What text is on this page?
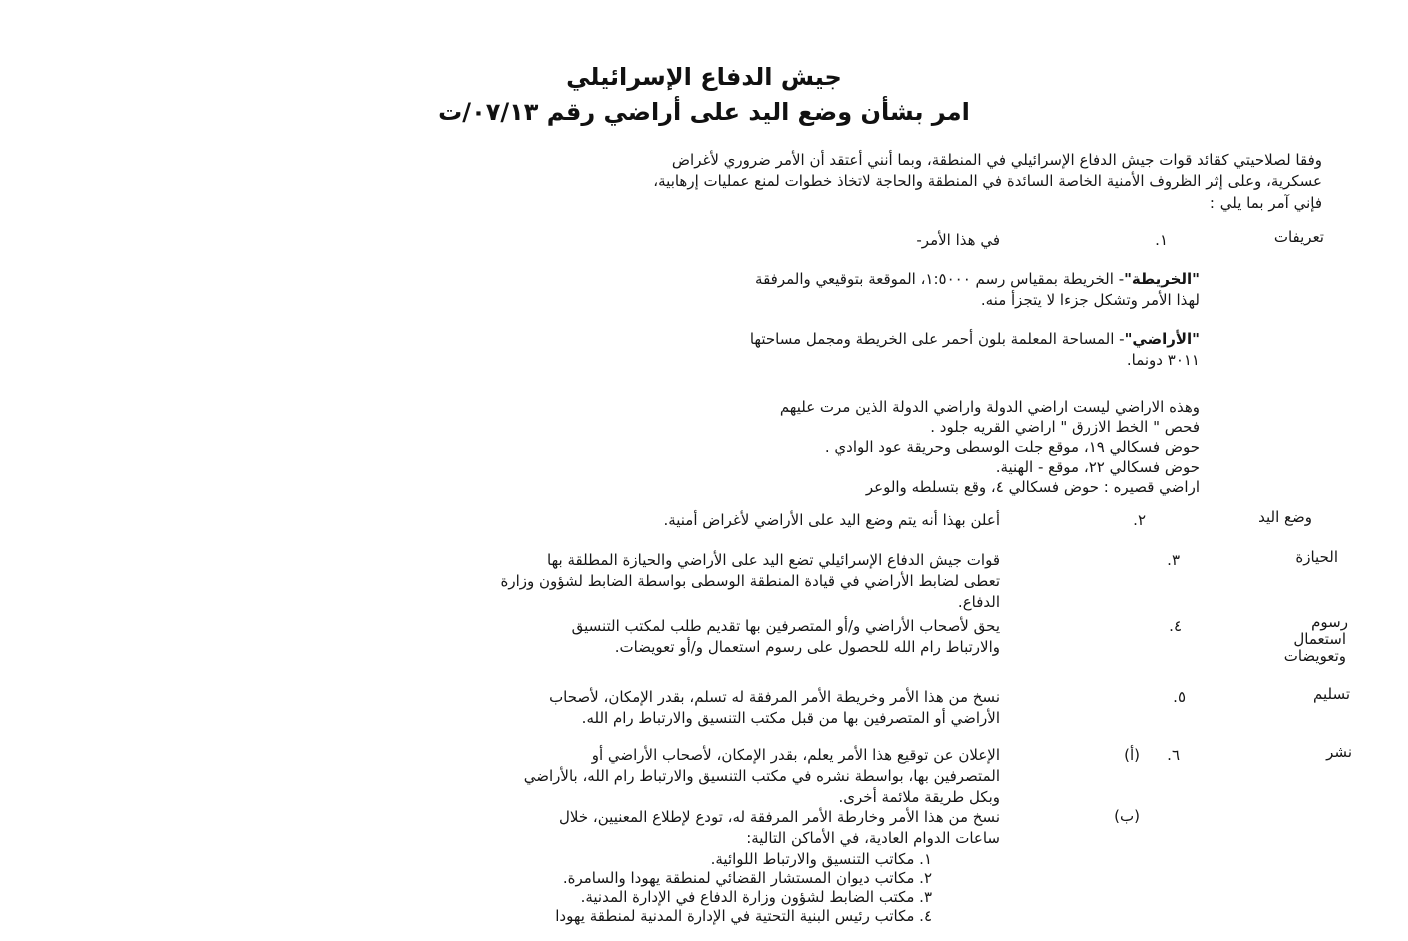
جيش الدفاع الإسرائيلي
امر بشأن وضع اليد على أراضي رقم ٠٧/١٣/ت
وفقا لصلاحيتي كقائد قوات جيش الدفاع الإسرائيلي في المنطقة، وبما أنني أعتقد أن الأمر ضروري لأغراض
عسكرية، وعلى إثر الظروف الأمنية الخاصة السائدة في المنطقة والحاجة لاتخاذ خطوات لمنع عمليات إرهابية،
فإني آمر بما يلي :
تعريفات
١.
في هذا الأمر-
"الخريطة"- الخريطة بمقياس رسم ١:٥٠٠٠، الموقعة بتوقيعي والمرفقة
لهذا الأمر وتشكل جزءا لا يتجزأ منه.
"الأراضي"- المساحة المعلمة بلون أحمر على الخريطة ومجمل مساحتها
٣٠١١ دونما.
وهذه الاراضي ليست اراضي الدولة واراضي الدولة الذين مرت عليهم
فحص " الخط الازرق " اراضي القريه جلود .
حوض فسكالي ١٩، موقع جلت الوسطى وحريقة عود الوادي .
حوض فسكالي ٢٢، موقع - الهنية.
اراضي قصيره : حوض فسكالي ٤، وقع بتسلطه والوعر
وضع اليد
٢.
أعلن بهذا أنه يتم وضع اليد على الأراضي لأغراض أمنية.
الحيازة
٣.
قوات جيش الدفاع الإسرائيلي تضع اليد على الأراضي والحيازة المطلقة بها
تعطى لضابط الأراضي في قيادة المنطقة الوسطى بواسطة الضابط لشؤون وزارة
الدفاع.
رسوم
استعمال
وتعويضات
٤.
يحق لأصحاب الأراضي و/أو المتصرفين بها تقديم طلب لمكتب التنسيق
والارتباط رام الله للحصول على رسوم استعمال و/أو تعويضات.
تسليم
٥.
نسخ من هذا الأمر وخريطة الأمر المرفقة له تسلم، بقدر الإمكان، لأصحاب
الأراضي أو المتصرفين بها من قبل مكتب التنسيق والارتباط رام الله.
نشر
٦.
(أ)
الإعلان عن توقيع هذا الأمر يعلم، بقدر الإمكان، لأصحاب الأراضي أو
المتصرفين بها، بواسطة نشره في مكتب التنسيق والارتباط رام الله، بالأراضي
وبكل طريقة ملائمة أخرى.
(ب)
نسخ من هذا الأمر وخارطة الأمر المرفقة له، تودع لإطلاع المعنيين، خلال
ساعات الدوام العادية، في الأماكن التالية:
١. مكاتب التنسيق والارتباط اللوائية.
٢. مكاتب ديوان المستشار القضائي لمنطقة يهودا والسامرة.
٣. مكتب الضابط لشؤون وزارة الدفاع في الإدارة المدنية.
٤. مكاتب رئيس البنية التحتية في الإدارة المدنية لمنطقة يهودا
